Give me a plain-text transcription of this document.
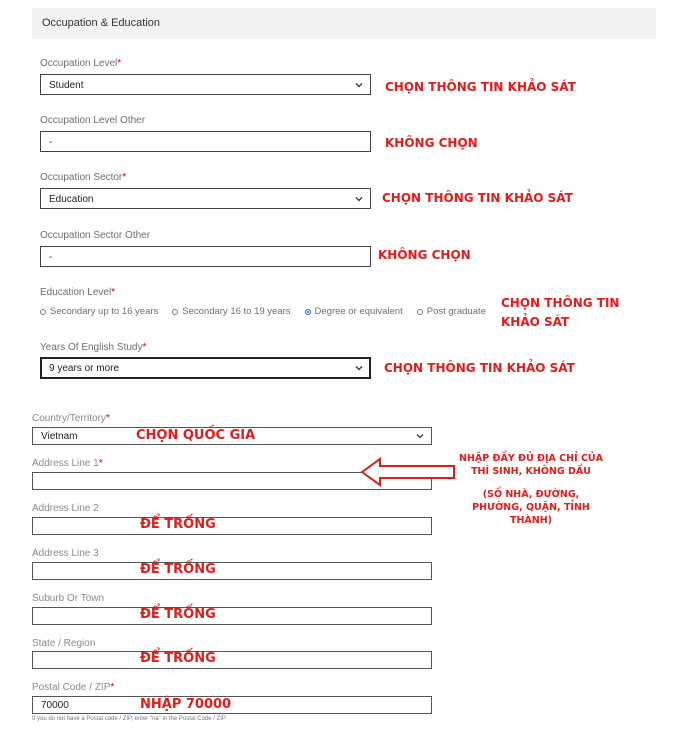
Occupation & Education
Occupation Level*
Student	CHỌN THÔNG TIN KHẢO SÁT
Occupation Level Other
-	KHÔNG CHỌN
Occupation Sector*
Education	CHỌN THÔNG TIN KHẢO SÁT
Occupation Sector Other
-	KHÔNG CHỌN
Education Level*
Secondary up to 16 years	Secondary 16 to 19 years	Degree or equivalent	Post graduate
CHỌN THÔNG TIN
KHẢO SÁT
Years Of English Study*
9 years or more	CHỌN THÔNG TIN KHẢO SÁT
Country/Territory*
Vietnam	CHỌN QUỐC GIA
Address Line 1*	NHẬP ĐẦY ĐỦ ĐỊA CHỈ CỦA
THÍ SINH, KHÔNG DẤU
(SỐ NHÀ, ĐƯỜNG,
PHƯỜNG, QUẬN, TỈNH
THÀNH)
Address Line 2
ĐỂ TRỐNG
Address Line 3
ĐỂ TRỐNG
Suburb Or Town
ĐỂ TRỐNG
State / Region
ĐỂ TRỐNG
Postal Code / ZIP*
70000	NHẬP 70000
If you do not have a Postal code / ZIP, enter "na" in the Postal Code / ZIP
